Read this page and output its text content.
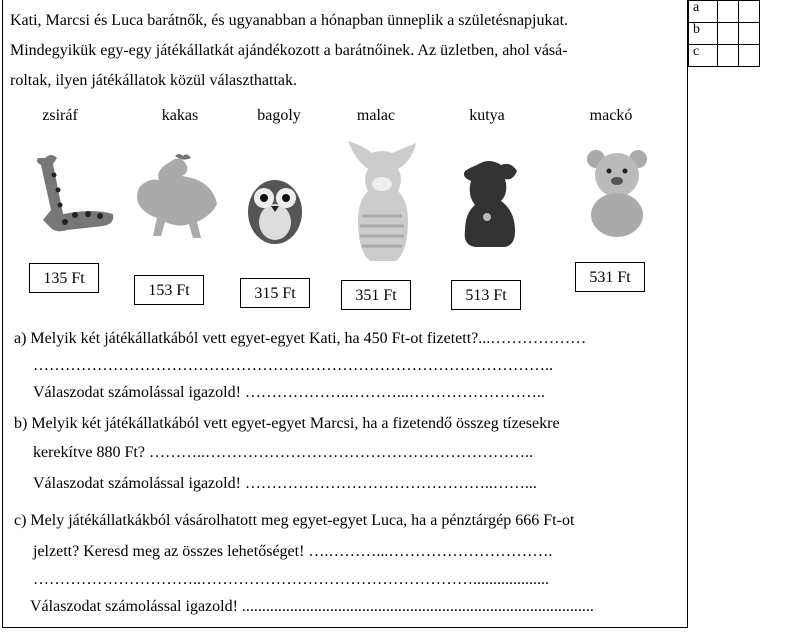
a		
b		
c		
Kati, Marcsi és Luca barátnők, és ugyanabban a hónapban ünneplik a születésnapjukat.
Mindegyikük egy-egy játékállatkát ajándékozott a barátnőinek. Az üzletben, ahol vásá-
roltak, ilyen játékállatok közül választhattak.
zsiráf	kakas	bagoly	malac	kutya	mackó
135 Ft
153 Ft	315 Ft	351 Ft	513 Ft
531 Ft
a) Melyik két játékállatkából vett egyet-egyet Kati, ha 450 Ft-ot fizetett?...………………
……………………………………………………………………………………..
Válaszodat számolással igazold! ………………..………...……………………..
b) Melyik két játékállatkából vett egyet-egyet Marcsi, ha a fizetendő összeg tízesekre
kerekítve 880 Ft? ………..……………………………………………………..
Válaszodat számolással igazold! ………………………………………..……...
c) Mely játékállatkákból vásárolhatott meg egyet-egyet Luca, ha a pénztárgép 666 Ft-ot
jelzett? Keresd meg az összes lehetőséget! ….………...………………………….
…………………………..……………………………………………...................
Válaszodat számolással igazold! ........................................................................................
